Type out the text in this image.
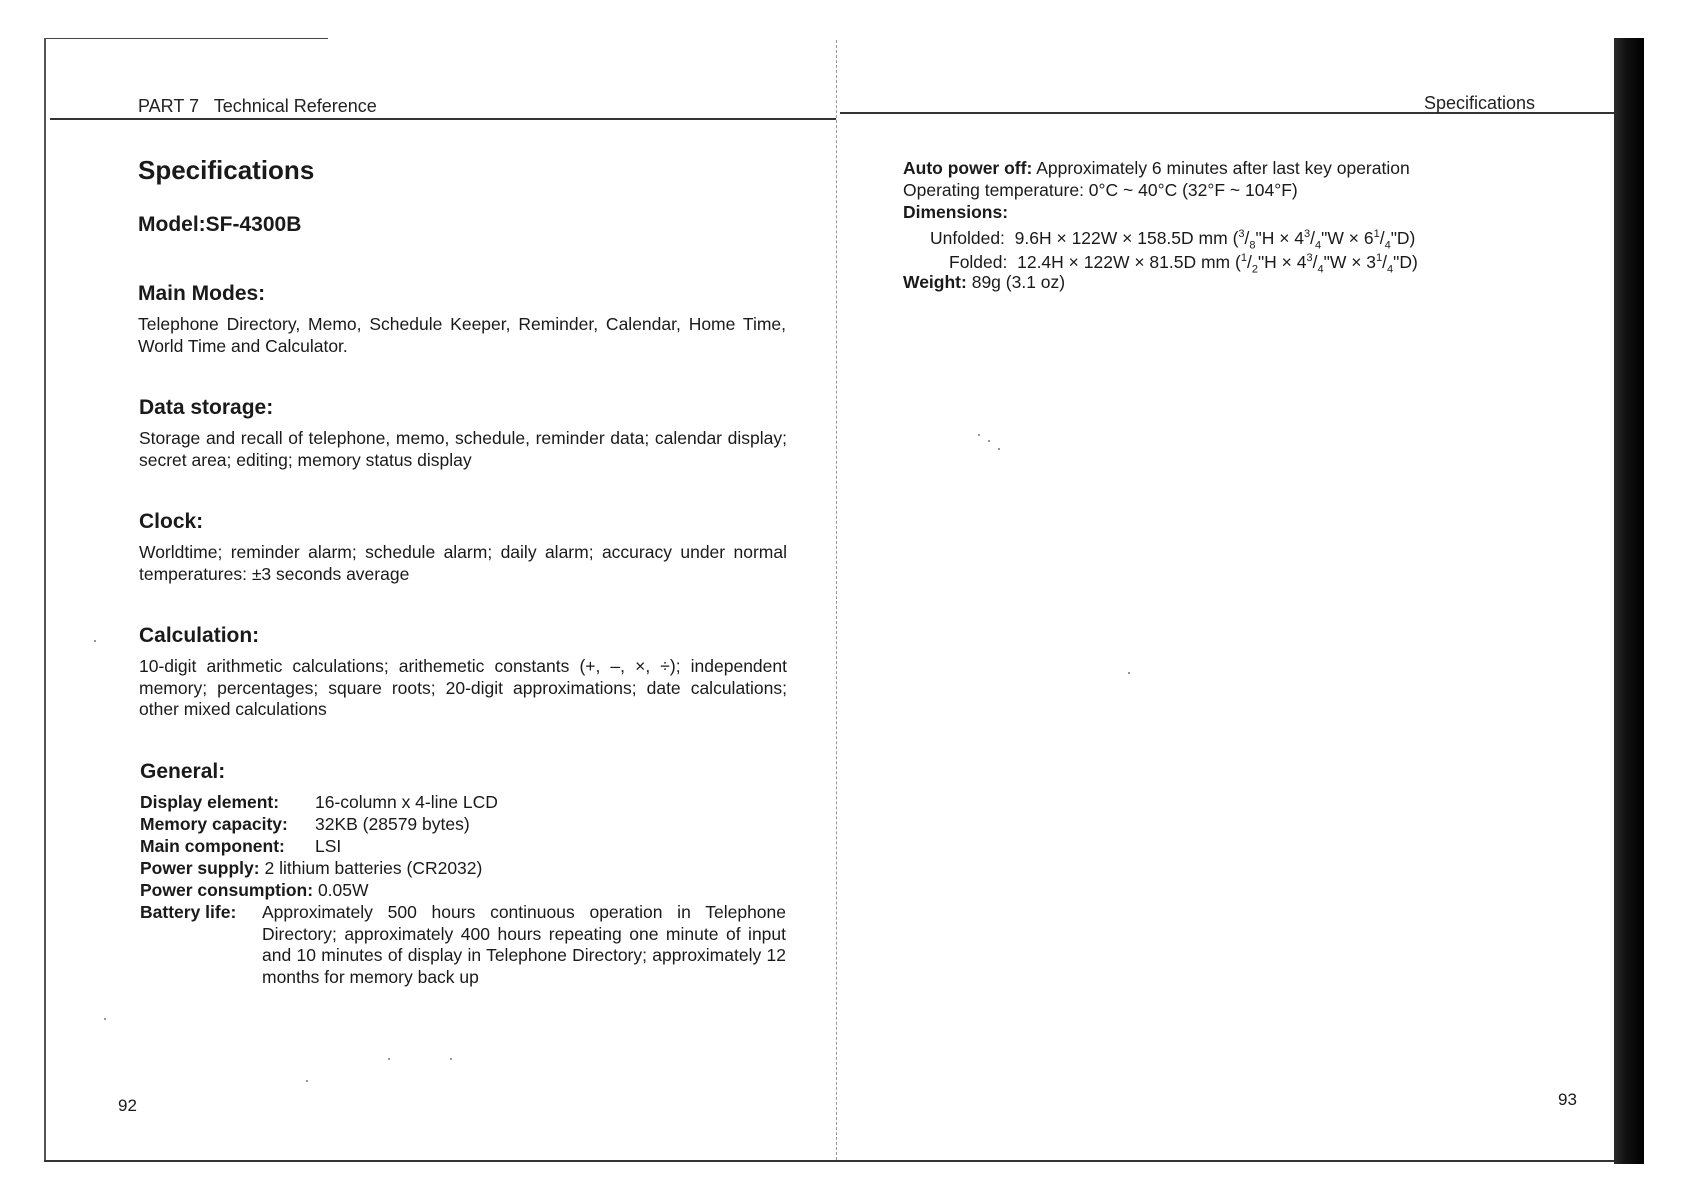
PART 7 Technical Reference
Specifications
Model:SF-4300B
Main Modes:
Telephone Directory, Memo, Schedule Keeper, Reminder, Calendar, Home Time, World Time and Calculator.
Data storage:
Storage and recall of telephone, memo, schedule, reminder data; calendar display; secret area; editing; memory status display
Clock:
Worldtime; reminder alarm; schedule alarm; daily alarm; accuracy under normal temperatures: ±3 seconds average
Calculation:
10-digit arithmetic calculations; arithemetic constants (+, –, ×, ÷); independent memory; percentages; square roots; 20-digit approximations; date calculations; other mixed calculations
General:
Display element: 16-column x 4-line LCD
Memory capacity: 32KB (28579 bytes)
Main component: LSI
Power supply: 2 lithium batteries (CR2032)
Power consumption: 0.05W
Battery life: Approximately 500 hours continuous operation in Telephone Directory; approximately 400 hours repeating one minute of input and 10 minutes of display in Telephone Directory; approximately 12 months for memory back up
92
Specifications
Auto power off: Approximately 6 minutes after last key operation
Operating temperature: 0°C ~ 40°C (32°F ~ 104°F)
Dimensions:
Unfolded: 9.6H × 122W × 158.5D mm ($^3/_8"H$ × $4^3/_4"W$ × $6^1/_4"D$)
Folded: 12.4H × 122W × 81.5D mm ($^1/_2"H$ × $4^3/_4"W$ × $3^1/_4"D$)
Weight: 89g (3.1 oz)
93
